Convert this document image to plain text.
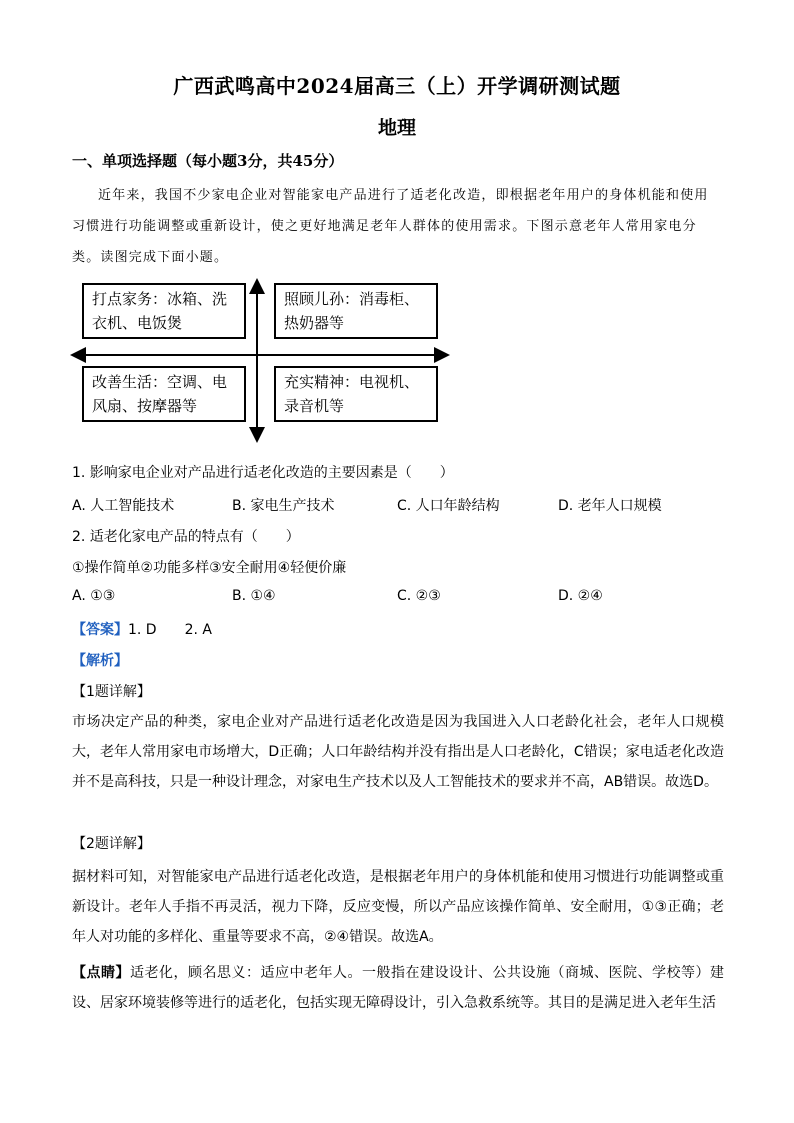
广西武鸣高中2024届高三（上）开学调研测试题
地理
一、单项选择题（每小题3分，共45分）
近年来，我国不少家电企业对智能家电产品进行了适老化改造，即根据老年用户的身体机能和使用习惯进行功能调整或重新设计，使之更好地满足老年人群体的使用需求。下图示意老年人常用家电分类。读图完成下面小题。
打点家务：冰箱、洗衣机、电饭煲
照顾儿孙：消毒柜、热奶器等
改善生活：空调、电风扇、按摩器等
充实精神：电视机、录音机等
1. 影响家电企业对产品进行适老化改造的主要因素是（　　）
A. 人工智能技术	B. 家电生产技术	C. 人口年龄结构	D. 老年人口规模
2. 适老化家电产品的特点有（　　）
①操作简单②功能多样③安全耐用④轻便价廉
A. ①③	B. ①④	C. ②③	D. ②④
【答案】1. D　　2. A
【解析】
【1题详解】
市场决定产品的种类，家电企业对产品进行适老化改造是因为我国进入人口老龄化社会，老年人口规模大，老年人常用家电市场增大，D正确；人口年龄结构并没有指出是人口老龄化，C错误；家电适老化改造并不是高科技，只是一种设计理念，对家电生产技术以及人工智能技术的要求并不高，AB错误。故选D。
【2题详解】
据材料可知，对智能家电产品进行适老化改造，是根据老年用户的身体机能和使用习惯进行功能调整或重新设计。老年人手指不再灵活，视力下降，反应变慢，所以产品应该操作简单、安全耐用，①③正确；老年人对功能的多样化、重量等要求不高，②④错误。故选A。
【点睛】适老化，顾名思义：适应中老年人。一般指在建设设计、公共设施（商城、医院、学校等）建设、居家环境装修等进行的适老化，包括实现无障碍设计，引入急救系统等。其目的是满足进入老年生活
